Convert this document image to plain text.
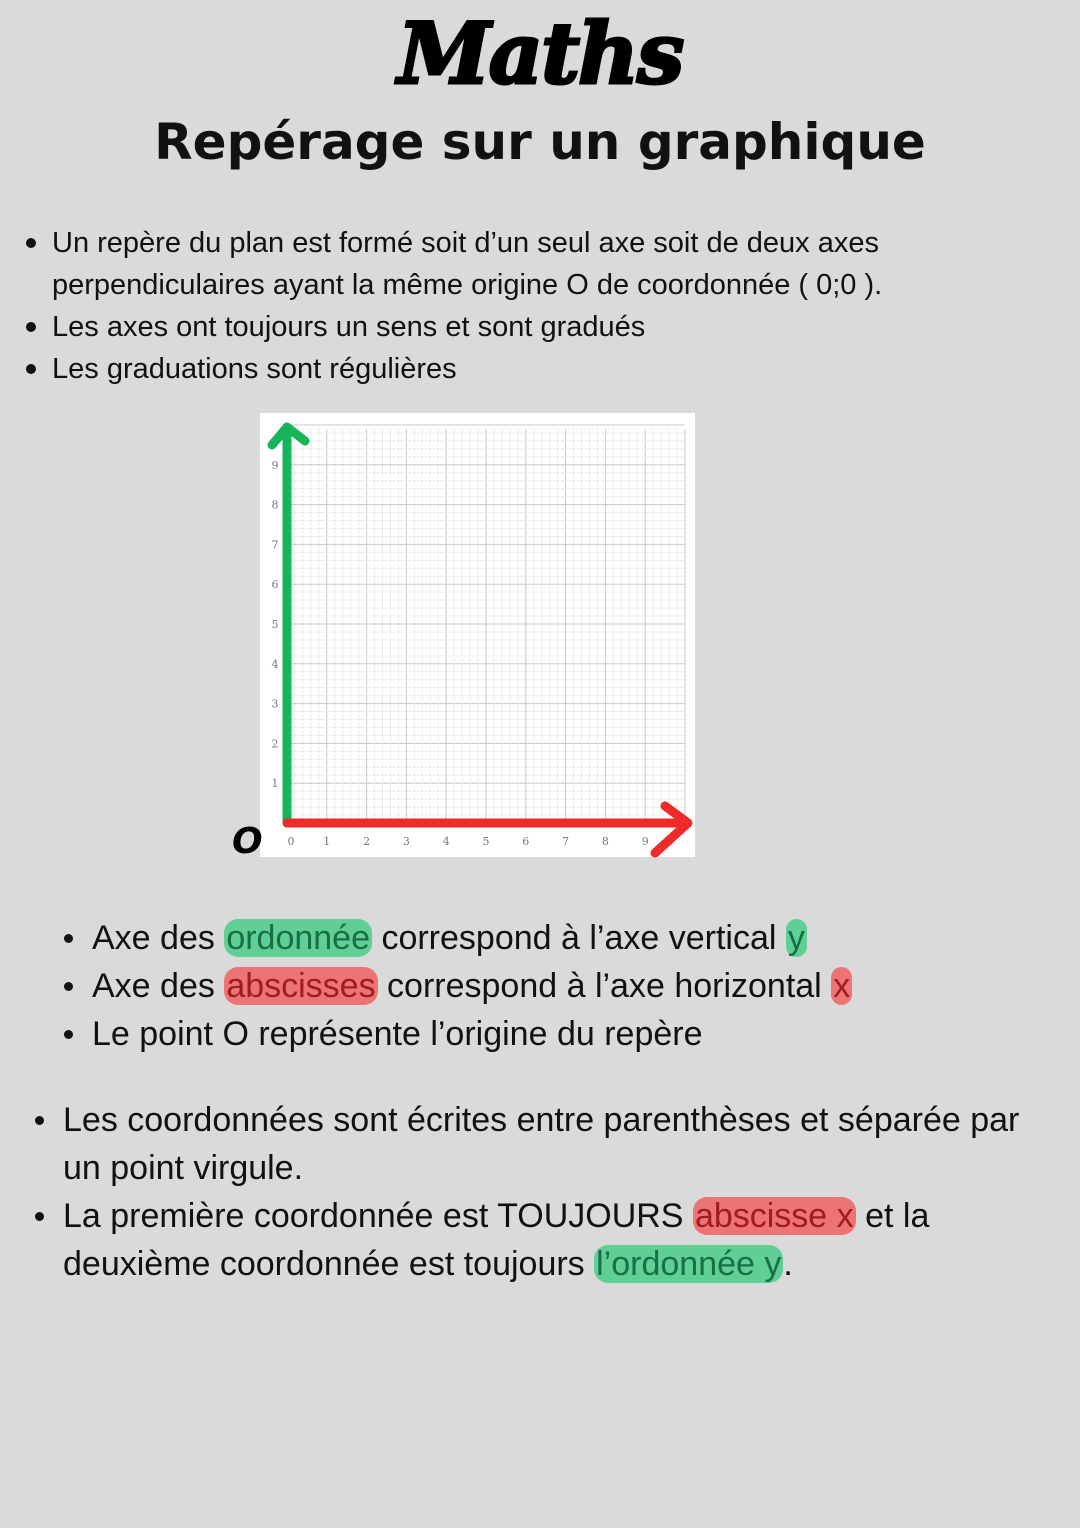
Maths
Repérage sur un graphique
Un repère du plan est formé soit d’un seul axe soit de deux axes perpendiculaires ayant la même origine O de coordonnée ( 0;0 ).
Les axes ont toujours un sens et sont gradués
Les graduations sont régulières
0	1	2	3	4	5	6	7	8	9
1
2
3
4
5
6
7
8
9
O
Axe des ordonnée correspond à l’axe vertical y
Axe des abscisses correspond à l’axe horizontal x
Le point O représente l’origine du repère
Les coordonnées sont écrites entre parenthèses et séparée par un point virgule.
La première coordonnée est TOUJOURS abscisse x et la deuxième coordonnée est toujours l’ordonnée y.
